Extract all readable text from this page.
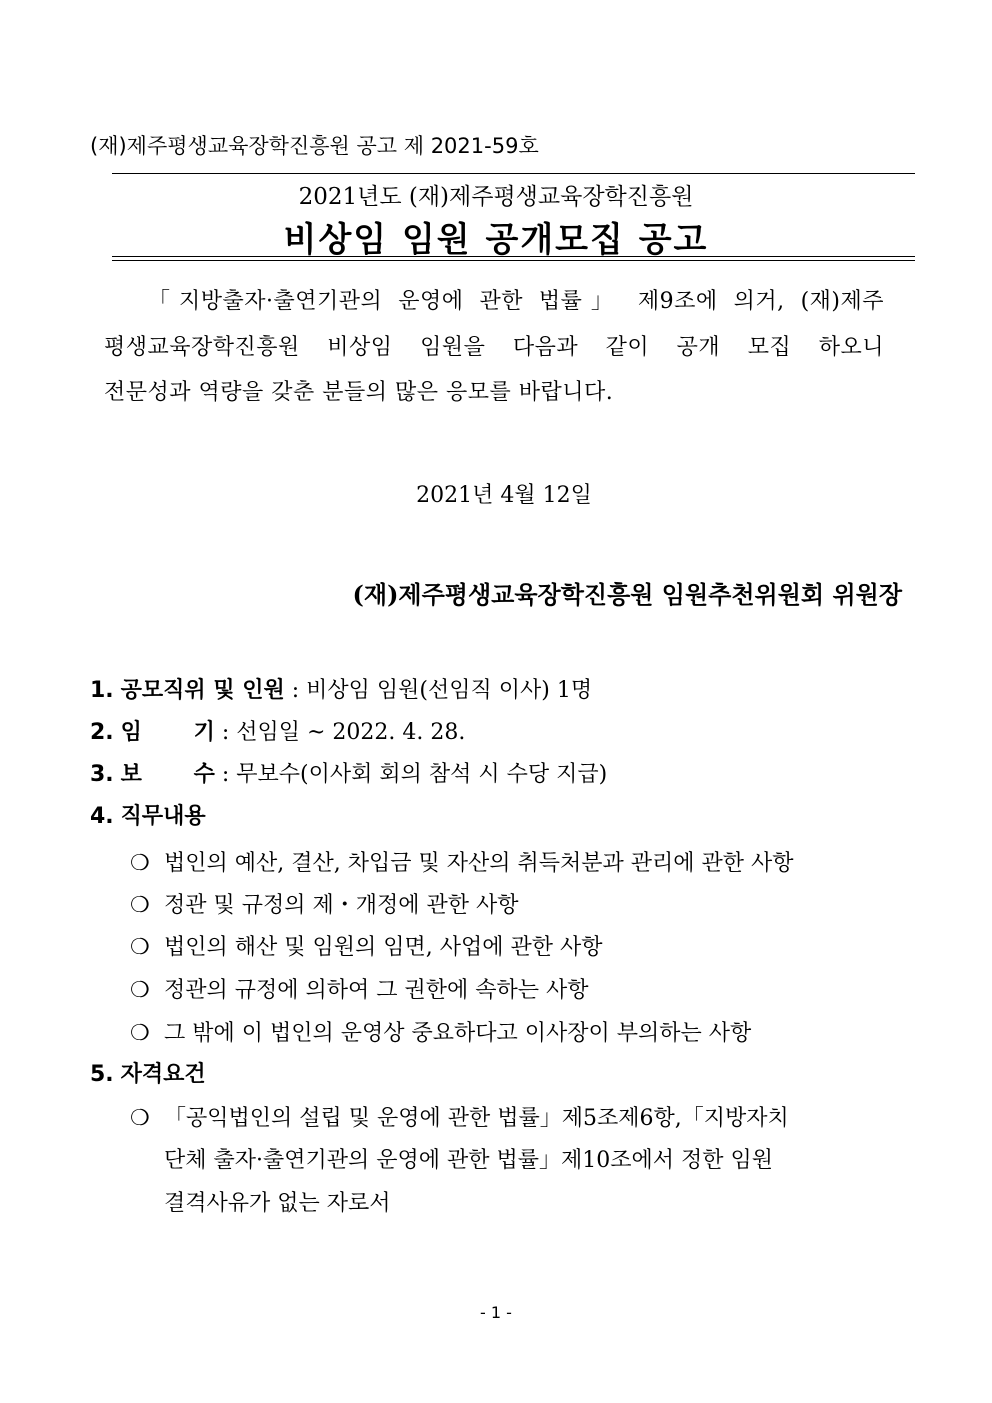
(재)제주평생교육장학진흥원 공고 제 2021-59호
2021년도 (재)제주평생교육장학진흥원
비상임 임원 공개모집 공고
「지방출자·출연기관의 운영에 관한 법률」 제9조에 의거, (재)제주
평생교육장학진흥원 비상임 임원을 다음과 같이 공개 모집 하오니
전문성과 역량을 갖춘 분들의 많은 응모를 바랍니다.
2021년 4월 12일
(재)제주평생교육장학진흥원 임원추천위원회 위원장
1. 공모직위 및 인원 : 비상임 임원(선임직 이사) 1명
2. 임　　 기 : 선임일 ~ 2022. 4. 28.
3. 보　　 수 : 무보수(이사회 회의 참석 시 수당 지급)
4. 직무내용
❍ 법인의 예산, 결산, 차입금 및 자산의 취득처분과 관리에 관한 사항
❍ 정관 및 규정의 제・개정에 관한 사항
❍ 법인의 해산 및 임원의 임면, 사업에 관한 사항
❍ 정관의 규정에 의하여 그 권한에 속하는 사항
❍ 그 밖에 이 법인의 운영상 중요하다고 이사장이 부의하는 사항
5. 자격요건
❍ 「공익법인의 설립 및 운영에 관한 법률」제5조제6항,「지방자치
단체 출자·출연기관의 운영에 관한 법률」제10조에서 정한 임원
결격사유가 없는 자로서
- 1 -
